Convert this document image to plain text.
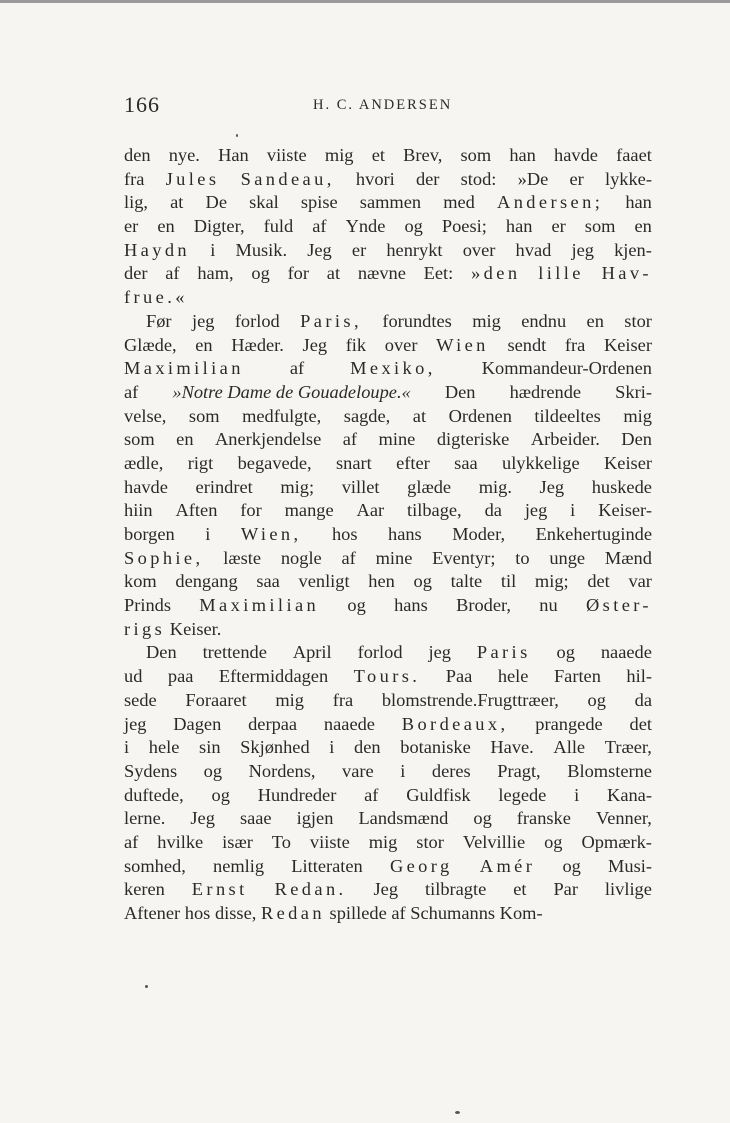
166	H. C. ANDERSEN
den nye. Han viiste mig et Brev, som han havde faaet
fra Jules Sandeau, hvori der stod: »De er lykke-
lig, at De skal spise sammen med Andersen; han
er en Digter, fuld af Ynde og Poesi; han er som en
Haydn i Musik. Jeg er henrykt over hvad jeg kjen-
der af ham, og for at nævne Eet: »den lille Hav-
frue.«
Før jeg forlod Paris, forundtes mig endnu en stor
Glæde, en Hæder. Jeg fik over Wien sendt fra Keiser
Maximilian	af	Mexiko,	Kommandeur-Ordenen
af »Notre Dame de Gouadeloupe.« Den hædrende Skri-
velse, som medfulgte, sagde, at Ordenen tildeeltes mig
som en Anerkjendelse af mine digteriske Arbeider. Den
ædle, rigt begavede, snart efter saa ulykkelige Keiser
havde erindret mig; villet glæde mig. Jeg huskede
hiin Aften for mange Aar tilbage, da jeg i Keiser-
borgen i Wien, hos hans Moder, Enkehertuginde
Sophie, læste nogle af mine Eventyr; to unge Mænd
kom dengang saa venligt hen og talte til mig; det var
Prinds Maximilian og hans Broder, nu Øster-
rigs
Keiser.
Den trettende April forlod jeg Paris og naaede
ud paa Eftermiddagen Tours. Paa hele Farten hil-
sede Foraaret mig fra blomstrende.Frugttræer, og da
jeg Dagen derpaa naaede Bordeaux, prangede det
i hele sin Skjønhed i den botaniske Have. Alle Træer,
Sydens og Nordens, vare i deres Pragt, Blomsterne
duftede, og Hundreder af Guldfisk legede i Kana-
lerne. Jeg saae igjen Landsmænd og franske Venner,
af hvilke især To viiste mig stor Velvillie og Opmærk-
somhed, nemlig Litteraten Georg Amér og Musi-
keren Ernst Redan. Jeg tilbragte et Par livlige
Aftener
hos
disse,
Redan
spillede
af
Schumanns
Kom-
